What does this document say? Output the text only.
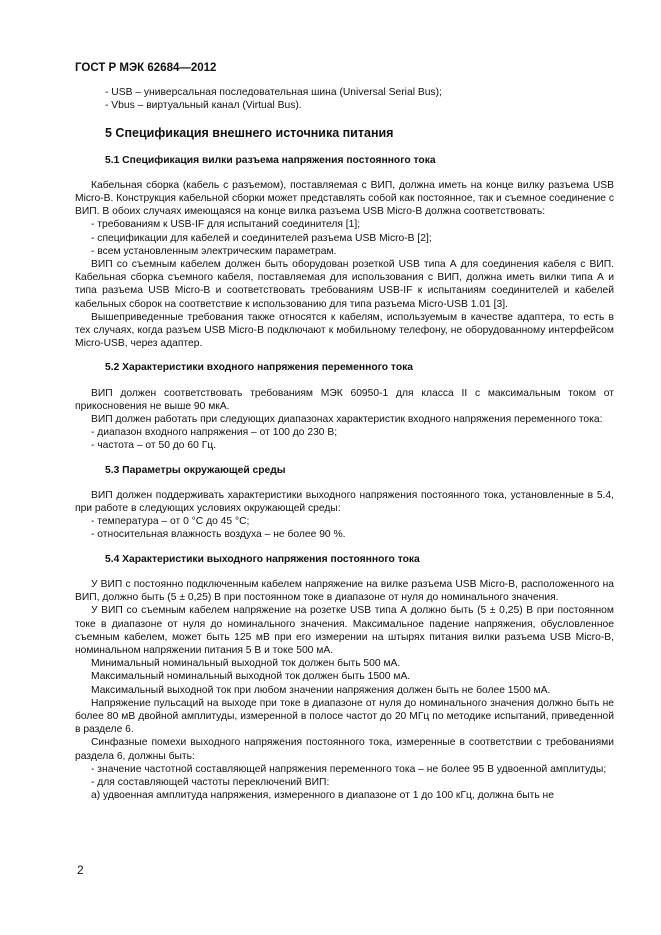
ГОСТ Р МЭК 62684—2012

- USB – универсальная последовательная шина (Universal Serial Bus);

- Vbus – виртуальный канал (Virtual Bus).

5 Спецификация внешнего источника питания
5.1 Спецификация вилки разъема напряжения постоянного тока

Кабельная сборка (кабель с разъемом), поставляемая с ВИП, должна иметь на конце вилку разъема USB Micro-B. Конструкция кабельной сборки может представлять собой как постоянное, так и съемное соединение с ВИП. В обоих случаях имеющаяся на конце вилка разъема USB Micro-B должна соответствовать:

- требованиям к USB-IF для испытаний соединителя [1];

- спецификации для кабелей и соединителей разъема USB Micro-B [2];

- всем установленным электрическим параметрам.

ВИП со съемным кабелем должен быть оборудован розеткой USB типа А для соединения кабеля с ВИП. Кабельная сборка съемного кабеля, поставляемая для использования с ВИП, должна иметь вилки типа А и типа разъема USB Micro-B и соответствовать требованиям USB-IF к испытаниям соединителей и кабелей кабельных сборок на соответствие к использованию для типа разъема Micro-USB 1.01 [3].

Вышеприведенные требования также относятся к кабелям, используемым в качестве адаптера, то есть в тех случаях, когда разъем USB Micro-B подключают к мобильному телефону, не оборудованному интерфейсом Micro-USB, через адаптер.

5.2 Характеристики входного напряжения переменного тока

ВИП должен соответствовать требованиям МЭК 60950-1 для класса II с максимальным током от прикосновения не выше 90 мкА.

ВИП должен работать при следующих диапазонах характеристик входного напряжения переменного тока:

- диапазон входного напряжения – от 100 до 230 В;

- частота – от 50 до 60 Гц.

5.3 Параметры окружающей среды

ВИП должен поддерживать характеристики выходного напряжения постоянного тока, установленные в 5.4, при работе в следующих условиях окружающей среды:

- температура – от 0 °С до 45 °С;

- относительная влажность воздуха – не более 90 %.

5.4 Характеристики выходного напряжения постоянного тока

У ВИП с постоянно подключенным кабелем напряжение на вилке разъема USB Micro-B, расположенного на ВИП, должно быть (5 ± 0,25) В при постоянном токе в диапазоне от нуля до номинального значения.

У ВИП со съемным кабелем напряжение на розетке USB типа А должно быть (5 ± 0,25) В при постоянном токе в диапазоне от нуля до номинального значения. Максимальное падение напряжения, обусловленное съемным кабелем, может быть 125 мВ при его измерении на штырях питания вилки разъема USB Micro-B, номинальном напряжении питания 5 В и токе 500 мА.

Минимальный номинальный выходной ток должен быть 500 мА.

Максимальный номинальный выходной ток должен быть 1500 мА.

Максимальный выходной ток при любом значении напряжения должен быть не более 1500 мА.

Напряжение пульсаций на выходе при токе в диапазоне от нуля до номинального значения должно быть не более 80 мВ двойной амплитуды, измеренной в полосе частот до 20 МГц по методике испытаний, приведенной в разделе 6.

Синфазные помехи выходного напряжения постоянного тока, измеренные в соответствии с требованиями раздела 6, должны быть:

- значение частотной составляющей напряжения переменного тока – не более 95 В удвоенной амплитуды;

- для составляющей частоты переключений ВИП:

а) удвоенная амплитуда напряжения, измеренного в диапазоне от 1 до 100 кГц, должна быть не

2
